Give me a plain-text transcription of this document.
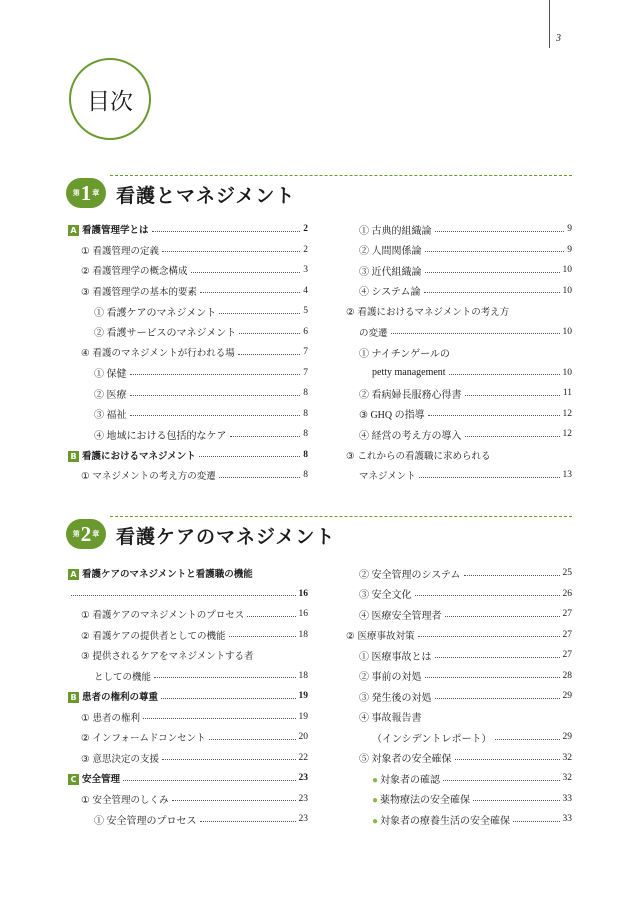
3
目次
第 1 章 看護とマネジメント
A 看護管理学とは	2
① 看護管理の定義	2
② 看護管理学の概念構成	3
③ 看護管理学の基本的要素	4
① 看護ケアのマネジメント	5
② 看護サービスのマネジメント	6
④ 看護のマネジメントが行われる場	7
① 保健	7
② 医療	8
③ 福祉	8
④ 地域における包括的なケア	8
B 看護におけるマネジメント	8
① マネジメントの考え方の変遷	8
① 古典的組織論	9
② 人間関係論	9
③ 近代組織論	10
④ システム論	10
② 看護におけるマネジメントの考え方
の変遷	10
① ナイチンゲールの
petty management	10
② 看病婦長服務心得書	11
③ GHQ の指導	12
④ 経営の考え方の導入	12
③ これからの看護職に求められる
マネジメント	13
第 2 章 看護ケアのマネジメント
A 看護ケアのマネジメントと看護職の機能
16
① 看護ケアのマネジメントのプロセス	16
② 看護ケアの提供者としての機能	18
③ 提供されるケアをマネジメントする者
としての機能	18
B 患者の権利の尊重	19
① 患者の権利	19
② インフォームドコンセント	20
③ 意思決定の支援	22
C 安全管理	23
① 安全管理のしくみ	23
① 安全管理のプロセス	23
② 安全管理のシステム	25
③ 安全文化	26
④ 医療安全管理者	27
② 医療事故対策	27
① 医療事故とは	27
② 事前の対処	28
③ 発生後の対処	29
④ 事故報告書
（インシデントレポート）	29
⑤ 対象者の安全確保	32
● 対象者の確認	32
● 薬物療法の安全確保	33
● 対象者の療養生活の安全確保	33
